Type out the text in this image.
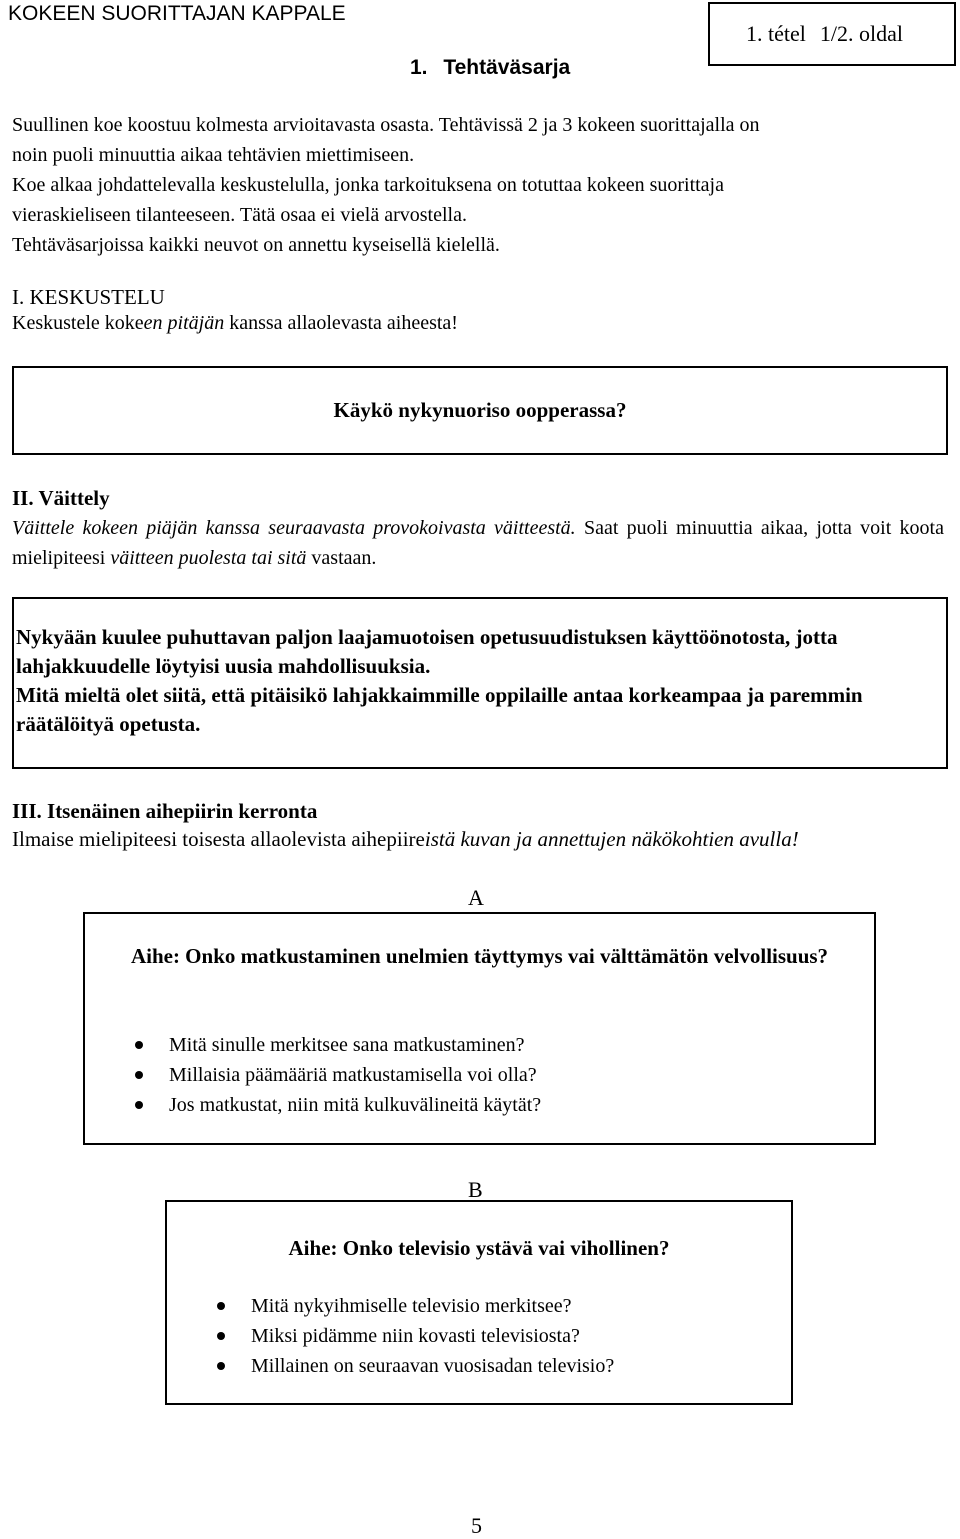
KOKEEN SUORITTAJAN KAPPALE
1. tétel 1/2. oldal
1. Tehtäväsarja
Suullinen koe koostuu kolmesta arvioitavasta osasta. Tehtävissä 2 ja 3 kokeen suorittajalla on
noin puoli minuuttia aikaa tehtävien miettimiseen.
Koe alkaa johdattelevalla keskustelulla, jonka tarkoituksena on totuttaa kokeen suorittaja
vieraskieliseen tilanteeseen. Tätä osaa ei vielä arvostella.
Tehtäväsarjoissa kaikki neuvot on annettu kyseisellä kielellä.
I. KESKUSTELU
Keskustele kokeen pitäjän kanssa allaolevasta aiheesta!
Käykö nykynuoriso oopperassa?
II. Väittely
Väittele kokeen piäjän kanssa seuraavasta provokoivasta väitteestä. Saat puoli minuuttia aikaa, jotta voit koota mielipiteesi väitteen puolesta tai sitä vastaan.

Nykyään kuulee puhuttavan paljon laajamuotoisen opetusuudistuksen käyttöönotosta, jotta lahjakkuudelle löytyisi uusia mahdollisuuksia.

Mitä mieltä olet siitä, että pitäisikö lahjakkaimmille oppilaille antaa korkeampaa ja paremmin räätälöityä opetusta.

III. Itsenäinen aihepiirin kerronta
Ilmaise mielipiteesi toisesta allaolevista aihepiireistä kuvan ja annettujen näkökohtien avulla!
A
Aihe: Onko matkustaminen unelmien täyttymys vai välttämätön velvollisuus?
Mitä sinulle merkitsee sana matkustaminen?
Millaisia päämääriä matkustamisella voi olla?
Jos matkustat, niin mitä kulkuvälineitä käytät?
B
Aihe: Onko televisio ystävä vai vihollinen?
Mitä nykyihmiselle televisio merkitsee?
Miksi pidämme niin kovasti televisiosta?
Millainen on seuraavan vuosisadan televisio?
5
